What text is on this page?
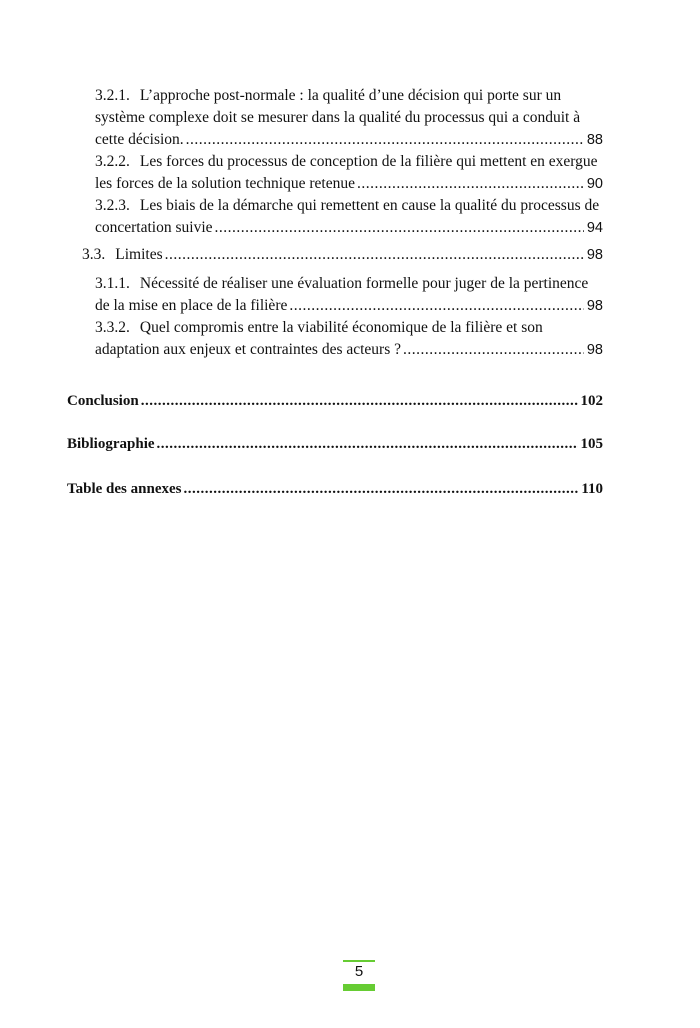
3.2.1. L’approche post-normale : la qualité d’une décision qui porte sur un
système complexe doit se mesurer dans la qualité du processus qui a conduit à
cette décision. .....	88
3.2.2. Les forces du processus de conception de la filière qui mettent en exergue
les forces de la solution technique retenue .....	90
3.2.3. Les biais de la démarche qui remettent en cause la qualité du processus de
concertation suivie .....	94
3.3. Limites .....	98
3.1.1. Nécessité de réaliser une évaluation formelle pour juger de la pertinence
de la mise en place de la filière .....	98
3.3.2. Quel compromis entre la viabilité économique de la filière et son
adaptation aux enjeux et contraintes des acteurs ? .....	98
Conclusion .....	102
Bibliographie .....	105
Table des annexes .....	110
5
